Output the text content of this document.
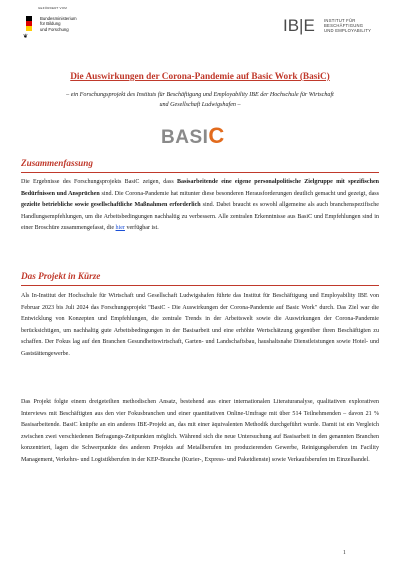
GEFÖRDERT VOM
❦
Bundesministerium
für Bildung
und Forschung	IB|E INSTITUT FÜR
BESCHÄFTIGUNG
UND EMPLOYABILITY
Die Auswirkungen der Corona-Pandemie auf Basic Work (BasiC)
– ein Forschungsprojekt des Instituts für Beschäftigung und Employability IBE der Hochschule für Wirtschaft
und Gesellschaft Ludwigshafen –
BASIC
Zusammenfassung
Die Ergebnisse des Forschungsprojekts BasiC zeigen, dass Basisarbeitende eine eigene personalpolitische Zielgruppe mit spezifischen Bedürfnissen und Ansprüchen sind. Die Corona-Pandemie hat mitunter diese besonderen Herausforderungen deutlich gemacht und gezeigt, dass gezielte betriebliche sowie gesellschaftliche Maßnahmen erforderlich sind. Dabei braucht es sowohl allgemeine als auch branchenspezifische Handlungsempfehlungen, um die Arbeitsbedingungen nachhaltig zu verbessern. Alle zentralen Erkenntnisse aus BasiC und Empfehlungen sind in einer Broschüre zusammengefasst, die hier verfügbar ist.
Das Projekt in Kürze
Als In-Institut der Hochschule für Wirtschaft und Gesellschaft Ludwigshafen führte das Institut für Beschäftigung und Employability IBE von Februar 2023 bis Juli 2024 das Forschungsprojekt "BasiC - Die Auswirkungen der Corona-Pandemie auf Basic Work" durch. Das Ziel war die Entwicklung von Konzepten und Empfehlungen, die zentrale Trends in der Arbeitswelt sowie die Auswirkungen der Corona-Pandemie berücksichtigen, um nachhaltig gute Arbeitsbedingungen in der Basisarbeit und eine erhöhte Wertschätzung gegenüber ihren Beschäftigten zu schaffen. Der Fokus lag auf den Branchen Gesundheitswirtschaft, Garten- und Landschaftsbau, haushaltsnahe Dienstleistungen sowie Hotel- und Gaststättengewerbe.
Das Projekt folgte einem dreigeteilten methodischen Ansatz, bestehend aus einer internationalen Literaturanalyse, qualitativen explorativen Interviews mit Beschäftigten aus den vier Fokusbranchen und einer quantitativen Online-Umfrage mit über 514 Teilnehmenden – davon 21 % Basisarbeitende. BasiC knüpfte an ein anderes IBE-Projekt an, das mit einer äquivalenten Methodik durchgeführt wurde. Damit ist ein Vergleich zwischen zwei verschiedenen Befragungs-Zeitpunkten möglich. Während sich die neue Untersuchung auf Basisarbeit in den genannten Branchen konzentriert, lagen die Schwerpunkte des anderen Projekts auf Metallberufen im produzierenden Gewerbe, Reinigungsberufen im Facility Management, Verkehrs- und Logistikberufen in der KEP-Branche (Kurier-, Express- und Paketdienste) sowie Verkaufsberufen im Einzelhandel.
1
